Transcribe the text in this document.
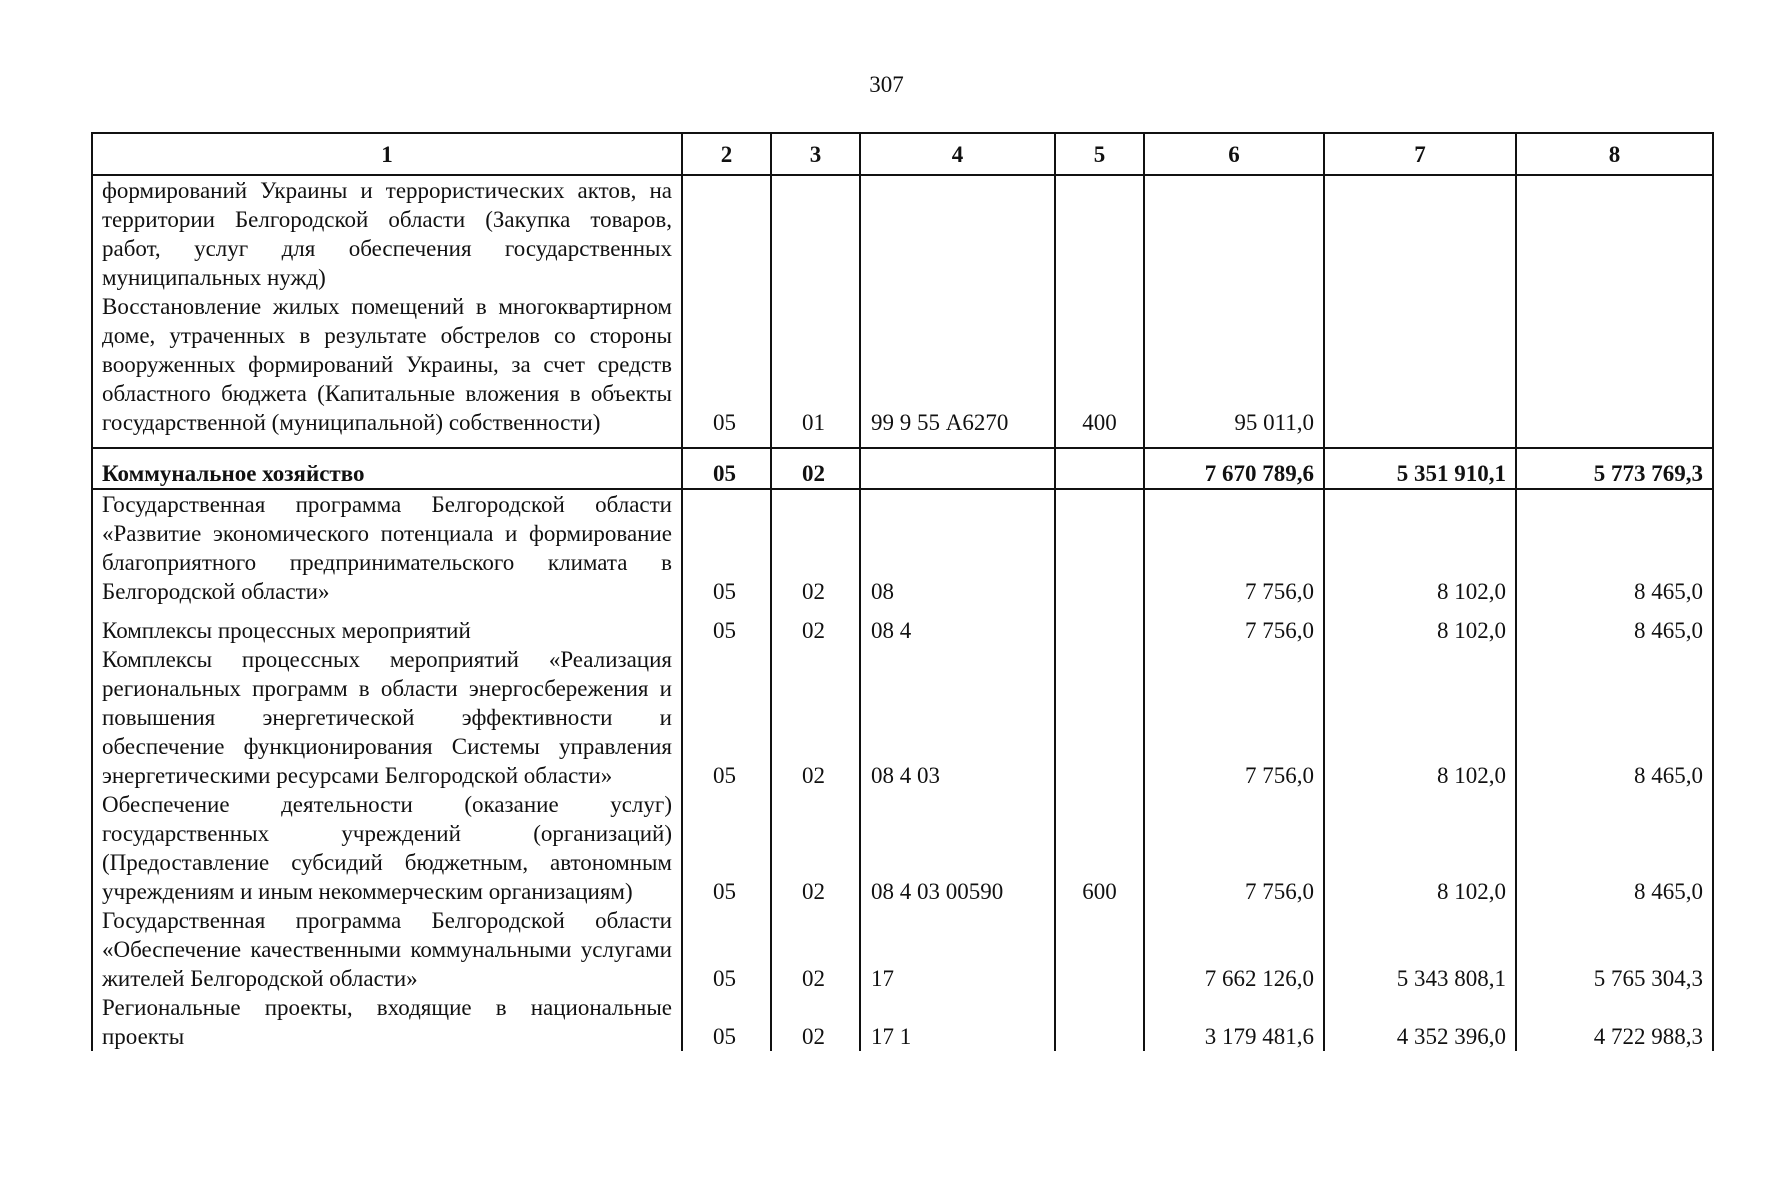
307
1	2	3	4	5	6	7	8
формирований Украины и террористических актов, на территории Белгородской области (Закупка товаров, работ, услуг для обеспечения государственных муниципальных нужд)							
Восстановление жилых помещений в многоквартирном доме, утраченных в результате обстрелов со стороны вооруженных формирований Украины, за счет средств областного бюджета (Капитальные вложения в объекты государственной (муниципальной) собственности)	05	01	99 9 55 А6270	400	95 011,0		
Коммунальное хозяйство	05	02			7 670 789,6	5 351 910,1	5 773 769,3
Государственная программа Белгородской области «Развитие экономического потенциала и формирование благоприятного предпринимательского климата в Белгородской области»	05	02	08		7 756,0	8 102,0	8 465,0
Комплексы процессных мероприятий	05	02	08 4		7 756,0	8 102,0	8 465,0
Комплексы процессных мероприятий «Реализация региональных программ в области энергосбережения и повышения энергетической эффективности и обеспечение функционирования Системы управления энергетическими ресурсами Белгородской области»	05	02	08 4 03		7 756,0	8 102,0	8 465,0
Обеспечение деятельности (оказание услуг) государственных учреждений (организаций) (Предоставление субсидий бюджетным, автономным учреждениям и иным некоммерческим организациям)	05	02	08 4 03 00590	600	7 756,0	8 102,0	8 465,0
Государственная программа Белгородской области «Обеспечение качественными коммунальными услугами жителей Белгородской области»	05	02	17		7 662 126,0	5 343 808,1	5 765 304,3
Региональные проекты, входящие в национальные проекты	05	02	17 1		3 179 481,6	4 352 396,0	4 722 988,3
